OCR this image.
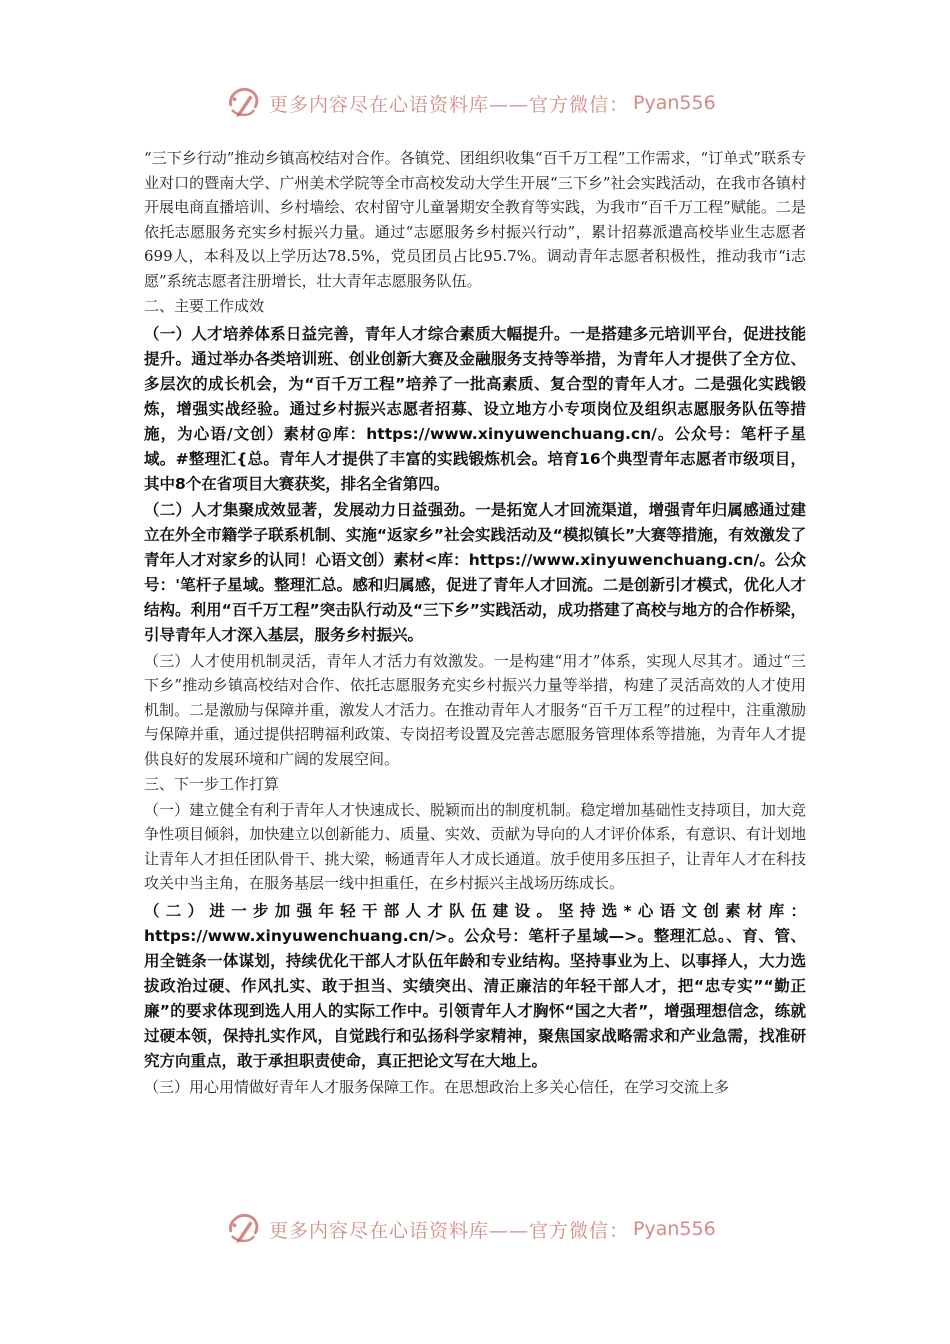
更多内容尽在心语资料库——官方微信： Pyan556

“三下乡行动”推动乡镇高校结对合作。各镇党、团组织收集“百千万工程”工作需求，“订单式”联系专业对口的暨南大学、广州美术学院等全市高校发动大学生开展“三下乡”社会实践活动，在我市各镇村开展电商直播培训、乡村墙绘、农村留守儿童暑期安全教育等实践，为我市“百千万工程”赋能。二是依托志愿服务充实乡村振兴力量。通过“志愿服务乡村振兴行动”，累计招募派遣高校毕业生志愿者699人，本科及以上学历达78.5%，党员团员占比95.7%。调动青年志愿者积极性，推动我市“i志愿”系统志愿者注册增长，壮大青年志愿服务队伍。

二、主要工作成效

（一）人才培养体系日益完善，青年人才综合素质大幅提升。一是搭建多元培训平台，促进技能提升。通过举办各类培训班、创业创新大赛及金融服务支持等举措，为青年人才提供了全方位、多层次的成长机会，为“百千万工程”培养了一批高素质、复合型的青年人才。二是强化实践锻炼，增强实战经验。通过乡村振兴志愿者招募、设立地方小专项岗位及组织志愿服务队伍等措施，为心语/文创）素材@库：https://www.xinyuwenchuang.cn/。公众号：笔杆子星域。#整理汇{总。青年人才提供了丰富的实践锻炼机会。培育16个典型青年志愿者市级项目，其中8个在省项目大赛获奖，排名全省第四。

（二）人才集聚成效显著，发展动力日益强劲。一是拓宽人才回流渠道，增强青年归属感通过建立在外全市籍学子联系机制、实施“返家乡”社会实践活动及“模拟镇长”大赛等措施，有效激发了青年人才对家乡的认同！心语文创）素材<库：https://www.xinyuwenchuang.cn/。公众号：'笔杆子星域。整理汇总。感和归属感，促进了青年人才回流。二是创新引才模式，优化人才结构。利用“百千万工程”突击队行动及“三下乡”实践活动，成功搭建了高校与地方的合作桥梁，引导青年人才深入基层，服务乡村振兴。

（三）人才使用机制灵活，青年人才活力有效激发。一是构建“用才”体系，实现人尽其才。通过“三下乡”推动乡镇高校结对合作、依托志愿服务充实乡村振兴力量等举措，构建了灵活高效的人才使用机制。二是激励与保障并重，激发人才活力。在推动青年人才服务“百千万工程”的过程中，注重激励与保障并重，通过提供招聘福利政策、专岗招考设置及完善志愿服务管理体系等措施，为青年人才提供良好的发展环境和广阔的发展空间。

三、下一步工作打算

（一）建立健全有利于青年人才快速成长、脱颖而出的制度机制。稳定增加基础性支持项目，加大竞争性项目倾斜，加快建立以创新能力、质量、实效、贡献为导向的人才评价体系，有意识、有计划地让青年人才担任团队骨干、挑大梁，畅通青年人才成长通道。放手使用多压担子，让青年人才在科技攻关中当主角，在服务基层一线中担重任，在乡村振兴主战场历练成长。

（二）进一步加强年轻干部人才队伍建设。坚持选*心语文创素材库：https://www.xinyuwenchuang.cn/>。公众号：笔杆子星域—>。整理汇总。、育、管、用全链条一体谋划，持续优化干部人才队伍年龄和专业结构。坚持事业为上、以事择人，大力选拔政治过硬、作风扎实、敢于担当、实绩突出、清正廉洁的年轻干部人才，把“忠专实”“勤正廉”的要求体现到选人用人的实际工作中。引领青年人才胸怀“国之大者”，增强理想信念，练就过硬本领，保持扎实作风，自觉践行和弘扬科学家精神，聚焦国家战略需求和产业急需，找准研究方向重点，敢于承担职责使命，真正把论文写在大地上。

（三）用心用情做好青年人才服务保障工作。在思想政治上多关心信任，在学习交流上多

更多内容尽在心语资料库——官方微信： Pyan556
